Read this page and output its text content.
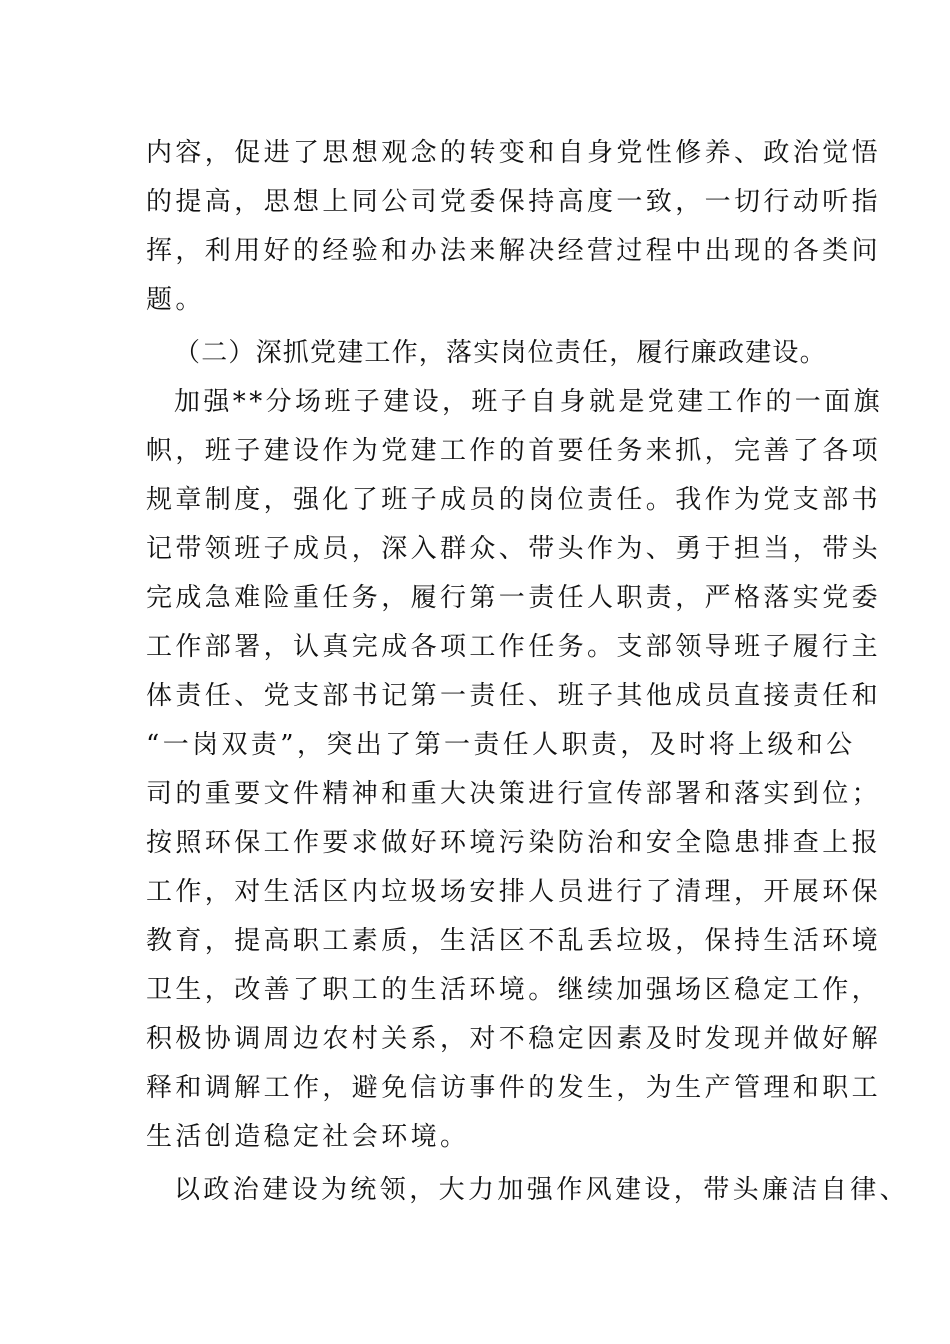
内容，促进了思想观念的转变和自身党性修养、政治觉悟
的提高，思想上同公司党委保持高度一致，一切行动听指
挥，利用好的经验和办法来解决经营过程中出现的各类问
题。
（二）深抓党建工作，落实岗位责任，履行廉政建设。
加强**分场班子建设，班子自身就是党建工作的一面旗
帜，班子建设作为党建工作的首要任务来抓，完善了各项
规章制度，强化了班子成员的岗位责任。我作为党支部书
记带领班子成员，深入群众、带头作为、勇于担当，带头
完成急难险重任务，履行第一责任人职责，严格落实党委
工作部署，认真完成各项工作任务。支部领导班子履行主
体责任、党支部书记第一责任、班子其他成员直接责任和
“一岗双责”，突出了第一责任人职责，及时将上级和公
司的重要文件精神和重大决策进行宣传部署和落实到位；
按照环保工作要求做好环境污染防治和安全隐患排查上报
工作，对生活区内垃圾场安排人员进行了清理，开展环保
教育，提高职工素质，生活区不乱丢垃圾，保持生活环境
卫生，改善了职工的生活环境。继续加强场区稳定工作，
积极协调周边农村关系，对不稳定因素及时发现并做好解
释和调解工作，避免信访事件的发生，为生产管理和职工
生活创造稳定社会环境。
以政治建设为统领，大力加强作风建设，带头廉洁自律、
